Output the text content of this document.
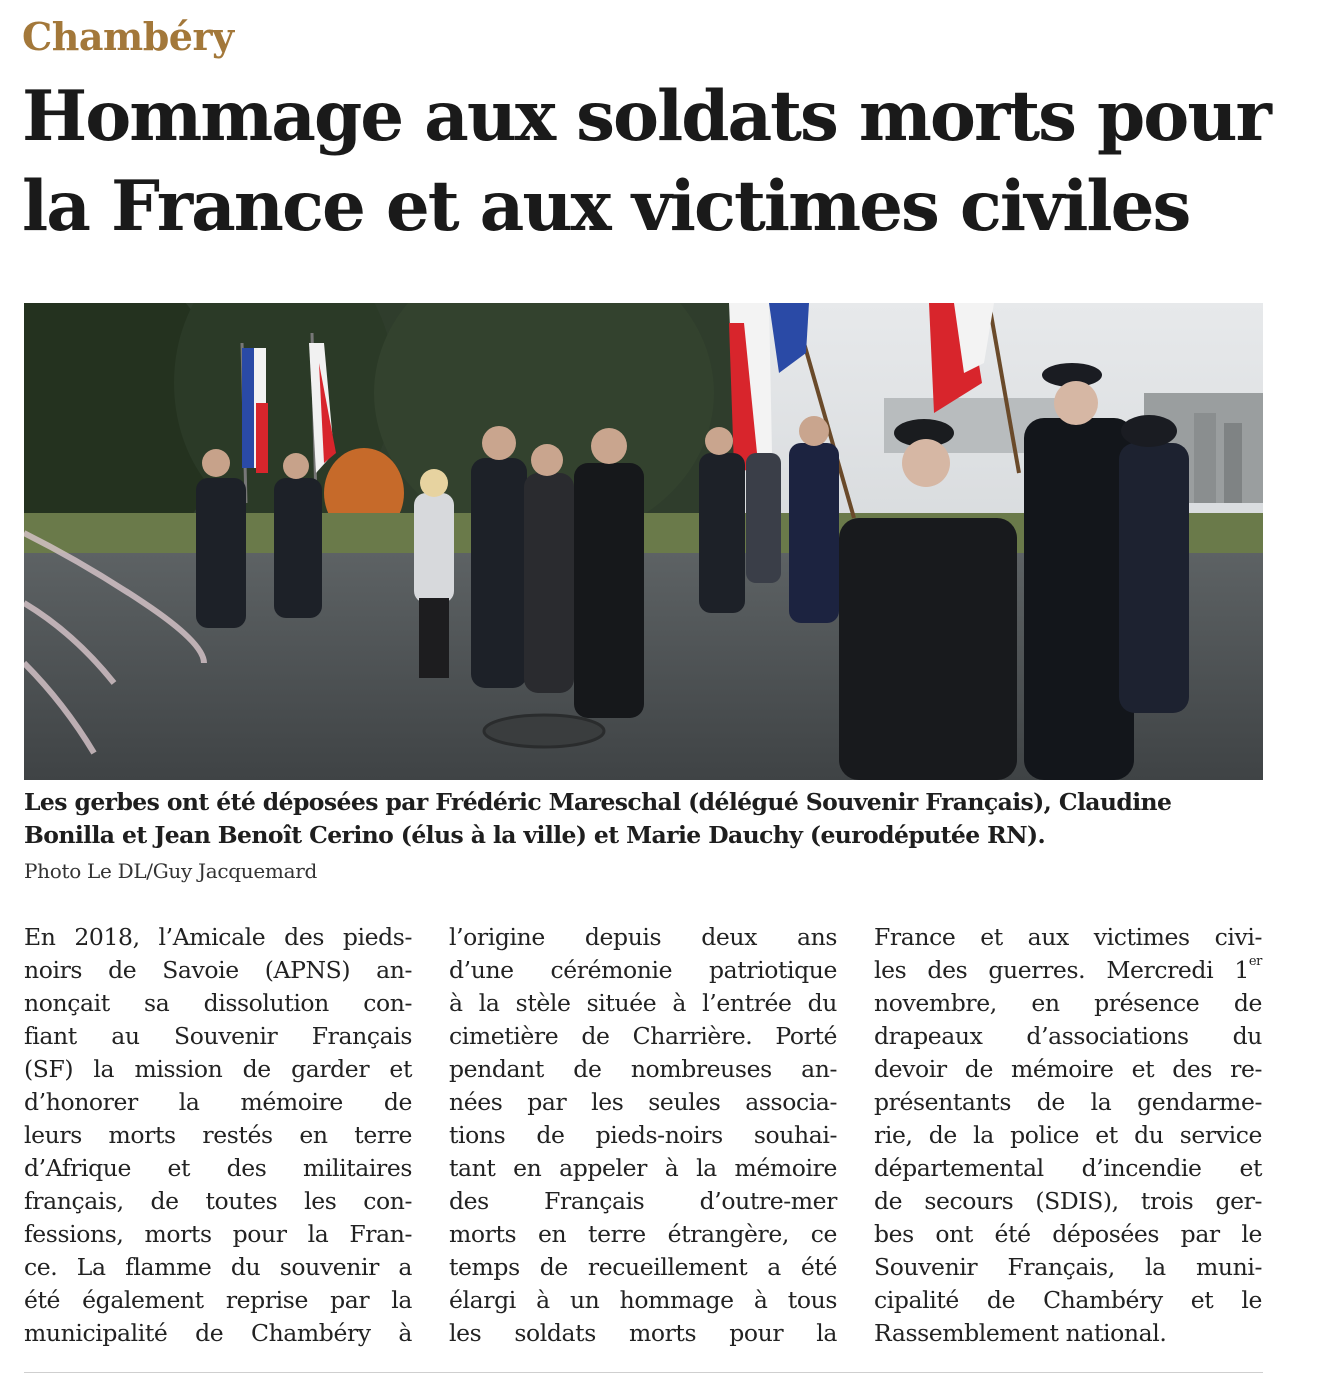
Chambéry
Hommage aux soldats morts pour
la France et aux victimes civiles
Les gerbes ont été déposées par Frédéric Mareschal (délégué Souvenir Français), Claudine
Bonilla et Jean Benoît Cerino (élus à la ville) et Marie Dauchy (eurodéputée RN).
Photo Le DL/Guy Jacquemard
En 2018, l’Amicale des pieds-
noirs de Savoie (APNS) an-
nonçait sa dissolution con-
fiant au Souvenir Français
(SF) la mission de garder et
d’honorer la mémoire de
leurs morts restés en terre
d’Afrique et des militaires
français, de toutes les con-
fessions, morts pour la Fran-
ce. La flamme du souvenir a
été également reprise par la
municipalité de Chambéry à
l’origine depuis deux ans
d’une cérémonie patriotique
à la stèle située à l’entrée du
cimetière de Charrière. Porté
pendant de nombreuses an-
nées par les seules associa-
tions de pieds-noirs souhai-
tant en appeler à la mémoire
des Français d’outre-mer
morts en terre étrangère, ce
temps de recueillement a été
élargi à un hommage à tous
les soldats morts pour la
France et aux victimes civi-
les des guerres. Mercredi 1er
novembre, en présence de
drapeaux d’associations du
devoir de mémoire et des re-
présentants de la gendarme-
rie, de la police et du service
départemental d’incendie et
de secours (SDIS), trois ger-
bes ont été déposées par le
Souvenir Français, la muni-
cipalité de Chambéry et le
Rassemblement national.
